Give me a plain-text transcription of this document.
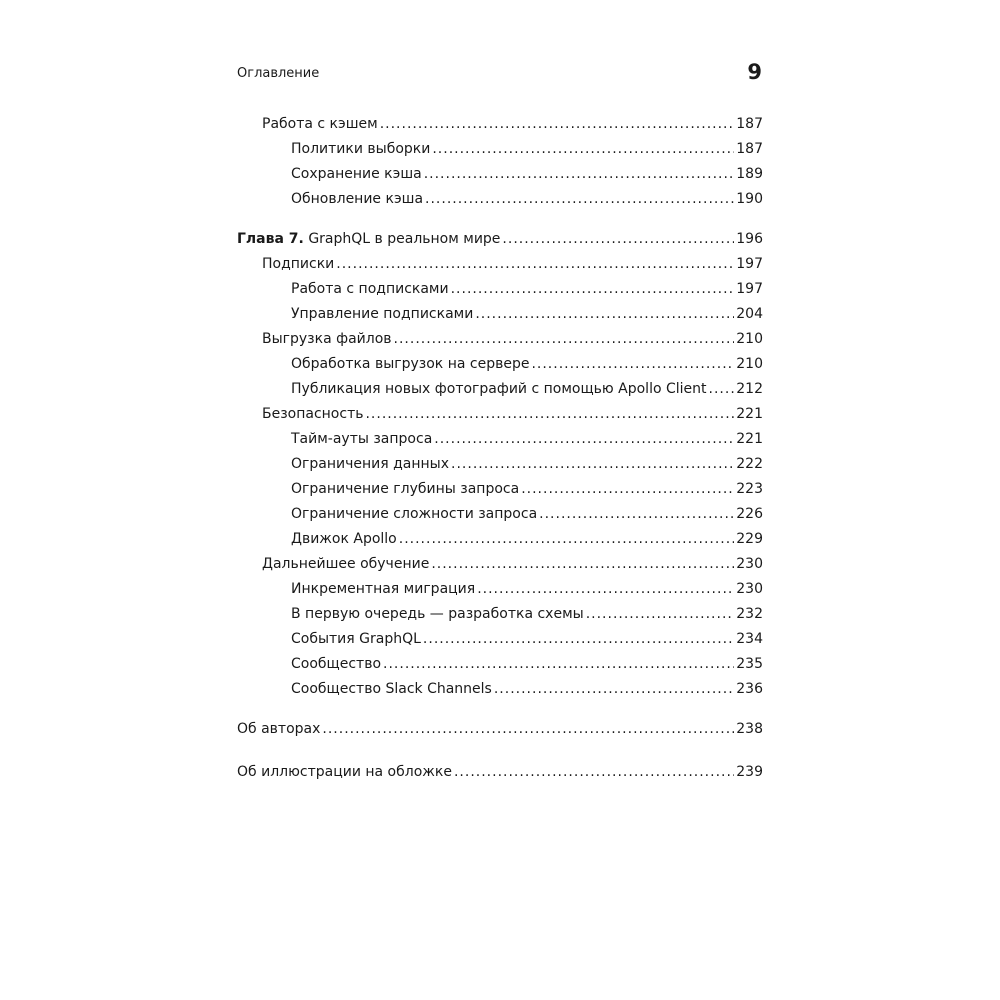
Оглавление	9
Работа с кэшем .....	187
Политики выборки .....	187
Сохранение кэша .....	189
Обновление кэша .....	190
Глава 7. GraphQL в реальном мире .....	196
Подписки .....	197
Работа с подписками .....	197
Управление подписками .....	204
Выгрузка файлов .....	210
Обработка выгрузок на сервере .....	210
Публикация новых фотографий с помощью Apollo Client ..... 212
Безопасность .....	221
Тайм-ауты запроса .....	221
Ограничения данных .....	222
Ограничение глубины запроса .....	223
Ограничение сложности запроса .....	226
Движок Apollo .....	229
Дальнейшее обучение .....	230
Инкрементная миграция .....	230
В первую очередь — разработка схемы .....	232
События GraphQL .....	234
Сообщество .....	235
Сообщество Slack Channels .....	236
Об авторах .....	238
Об иллюстрации на обложке .....	239
